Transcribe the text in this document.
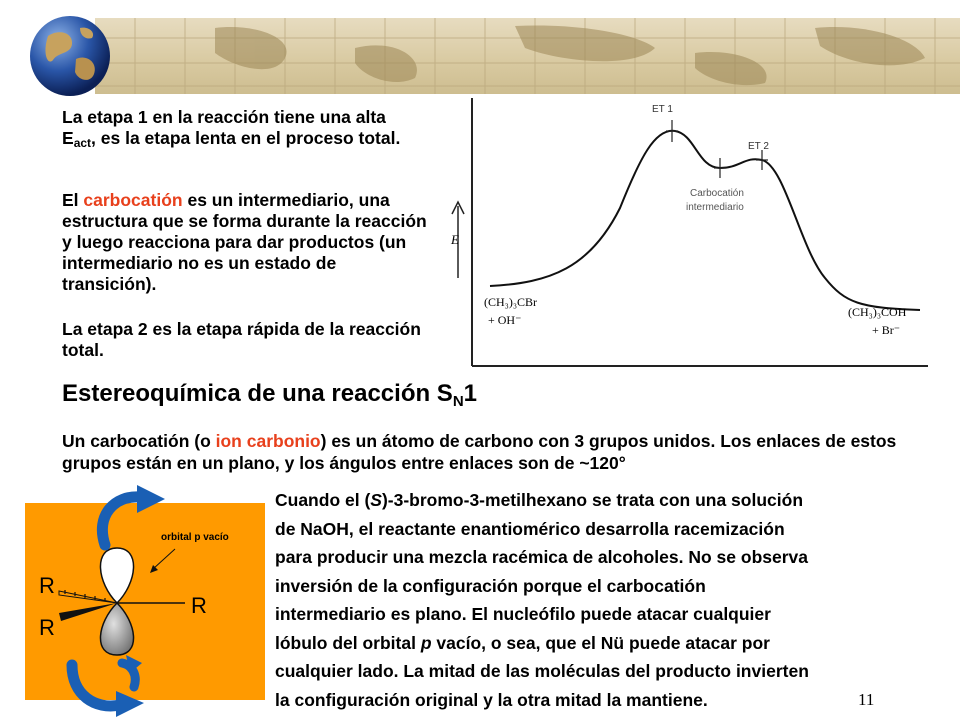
La etapa 1 en la reacción tiene una alta $E_{act}$, es la etapa lenta en el proceso total.
El carbocatión es un intermediario, una estructura que se forma durante la reacción y luego reacciona para dar productos (un intermediario no es un estado de transición).
La etapa 2 es la etapa rápida de la reacción total.
E
ET 1
ET 2
Carbocatión
intermediario
(CH₃)₃CBr
+ OH⁻
(CH₃)₃COH
+ Br⁻
Estereoquímica de una reacción $S_N1$
Un carbocatión (o ion carbonio) es un átomo de carbono con 3 grupos unidos. Los enlaces de estos grupos están en un plano, y los ángulos entre enlaces son de ~120°
R
R
R
orbital p vacío
Cuando el (S)-3-bromo-3-metilhexano se trata con una solución
de NaOH, el reactante enantiomérico desarrolla racemización
para producir una mezcla racémica de alcoholes. No se observa
inversión de la configuración porque el carbocatión
intermediario es plano. El nucleófilo puede atacar cualquier
lóbulo del orbital p vacío, o sea, que el Nü puede atacar por
cualquier lado. La mitad de las moléculas del producto invierten
la configuración original y la otra mitad la mantiene.	11
